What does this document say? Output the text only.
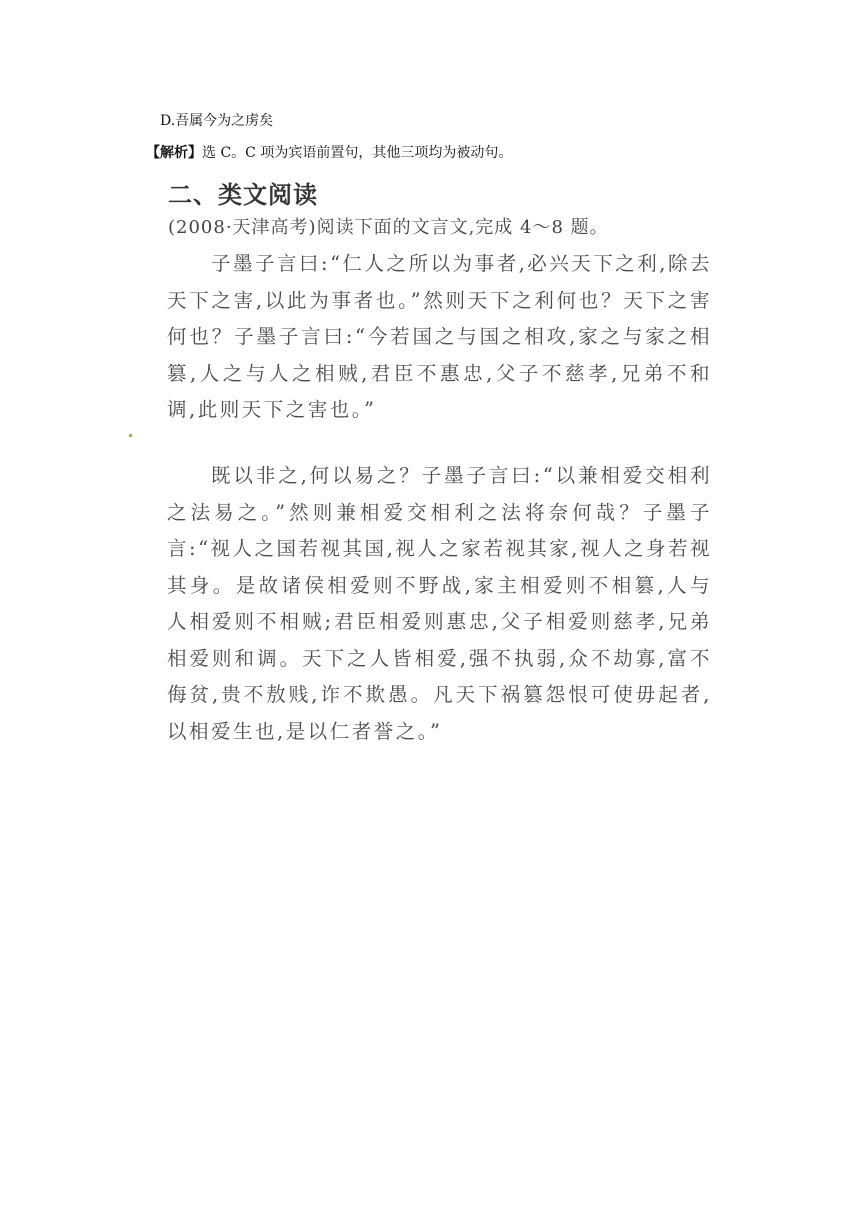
D.吾属今为之虏矣
【解析】选 C。C 项为宾语前置句，其他三项均为被动句。
二、类文阅读
(2008·天津高考)阅读下面的文言文,完成 4～8 题。
子墨子言曰:“仁人之所以为事者,必兴天下之利,除去天下之害,以此为事者也。”然则天下之利何也？天下之害何也？子墨子言曰:“今若国之与国之相攻,家之与家之相篡,人之与人之相贼,君臣不惠忠,父子不慈孝,兄弟不和调,此则天下之害也。”
既以非之,何以易之？子墨子言曰:“以兼相爱交相利之法易之。”然则兼相爱交相利之法将奈何哉？子墨子言:“视人之国若视其国,视人之家若视其家,视人之身若视其身。是故诸侯相爱则不野战,家主相爱则不相篡,人与人相爱则不相贼;君臣相爱则惠忠,父子相爱则慈孝,兄弟相爱则和调。天下之人皆相爱,强不执弱,众不劫寡,富不侮贫,贵不敖贱,诈不欺愚。凡天下祸篡怨恨可使毋起者,以相爱生也,是以仁者誉之。”
